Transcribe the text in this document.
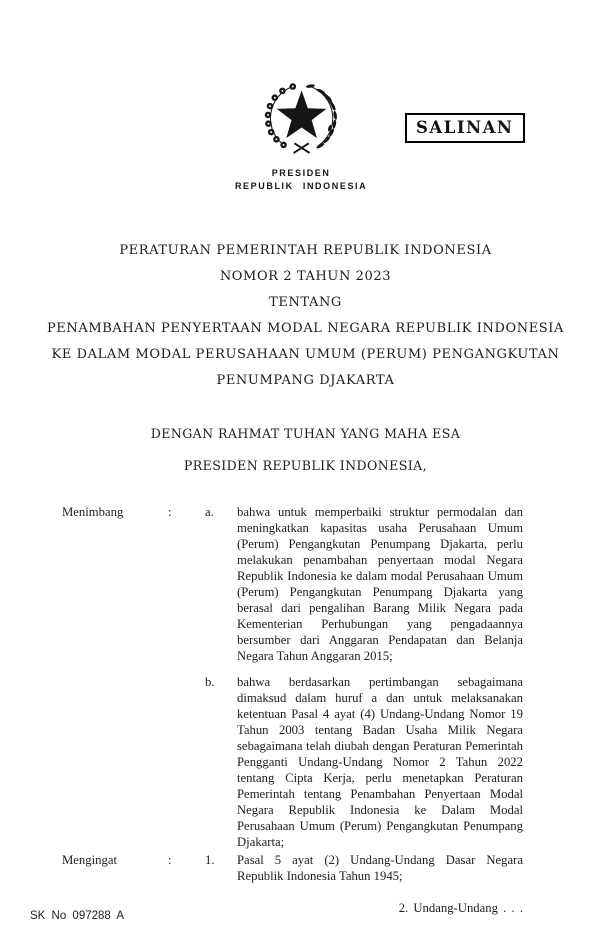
PRESIDEN
REPUBLIK INDONESIA
SALINAN
PERATURAN PEMERINTAH REPUBLIK INDONESIA
NOMOR 2 TAHUN 2023
TENTANG
PENAMBAHAN PENYERTAAN MODAL NEGARA REPUBLIK INDONESIA
KE DALAM MODAL PERUSAHAAN UMUM (PERUM) PENGANGKUTAN
PENUMPANG DJAKARTA
DENGAN RAHMAT TUHAN YANG MAHA ESA
PRESIDEN REPUBLIK INDONESIA,
Menimbang	:	a. bahwa untuk memperbaiki struktur permodalan dan meningkatkan kapasitas usaha Perusahaan Umum (Perum) Pengangkutan Penumpang Djakarta, perlu melakukan penambahan penyertaan modal Negara Republik Indonesia ke dalam modal Perusahaan Umum (Perum) Pengangkutan Penumpang Djakarta yang berasal dari pengalihan Barang Milik Negara pada Kementerian Perhubungan yang pengadaannya bersumber dari Anggaran Pendapatan dan Belanja Negara Tahun Anggaran 2015;
b. bahwa berdasarkan pertimbangan sebagaimana dimaksud dalam huruf a dan untuk melaksanakan ketentuan Pasal 4 ayat (4) Undang-Undang Nomor 19 Tahun 2003 tentang Badan Usaha Milik Negara sebagaimana telah diubah dengan Peraturan Pemerintah Pengganti Undang-Undang Nomor 2 Tahun 2022 tentang Cipta Kerja, perlu menetapkan Peraturan Pemerintah tentang Penambahan Penyertaan Modal Negara Republik Indonesia ke Dalam Modal Perusahaan Umum (Perum) Pengangkutan Penumpang Djakarta;
Mengingat	:	1. Pasal 5 ayat (2) Undang-Undang Dasar Negara Republik Indonesia Tahun 1945;
2. Undang-Undang . . .
SK No 097288 A
